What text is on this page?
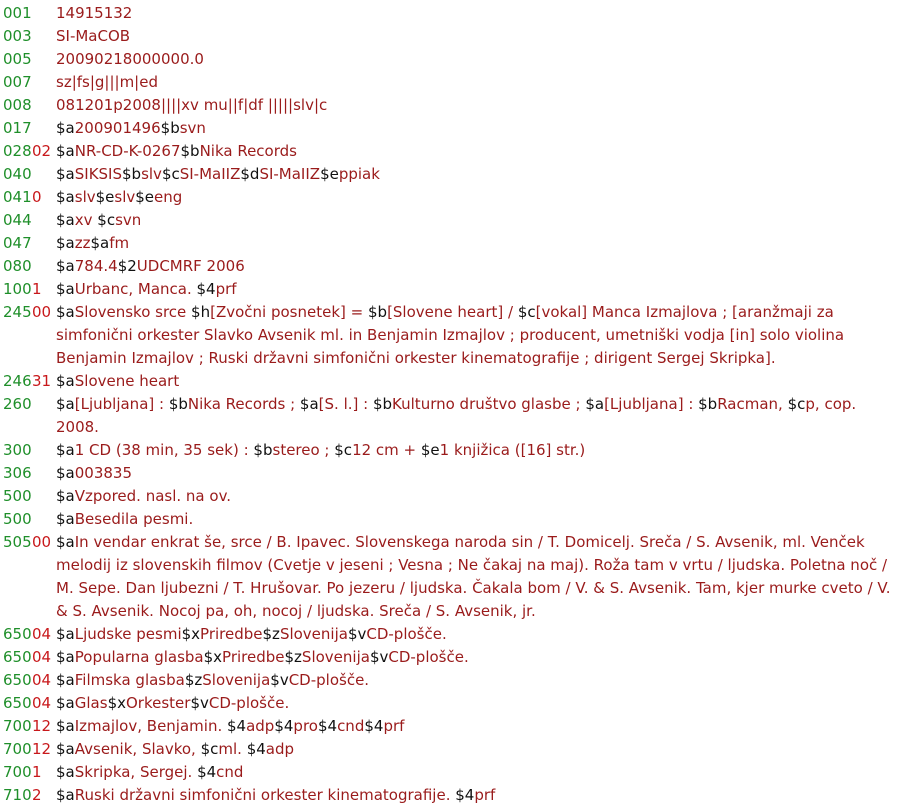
001 14915132
003 SI-MaCOB
005 20090218000000.0
007 sz|fs|g|||m|ed
008 081201p2008||||xv mu||f|df |||||slv|c
017 $a200901496$bsvn
028 02 $aNR-CD-K-0267$bNika Records
040 $aSIKSIS$bslv$cSI-MaIIZ$dSI-MaIIZ$eppiak
041 0 $aslv$eslv$eeng
044 $axv $csvn
047 $azz$afm
080 $a784.4$2UDCMRF 2006
100 1 $aUrbanc, Manca. $4prf
245 00 $aSlovensko srce $h[Zvočni posnetek] = $b[Slovene heart] / $c[vokal] Manca Izmajlova ; [aranžmaji za simfonični orkester Slavko Avsenik ml. in Benjamin Izmajlov ; producent, umetniški vodja [in] solo violina Benjamin Izmajlov ; Ruski državni simfonični orkester kinematografije ; dirigent Sergej Skripka].
246 31 $aSlovene heart
260 $a[Ljubljana] : $bNika Records ; $a[S. l.] : $bKulturno društvo glasbe ; $a[Ljubljana] : $bRacman, $cp, cop. 2008.
300 $a1 CD (38 min, 35 sek) : $bstereo ; $c12 cm + $e1 knjižica ([16] str.)
306 $a003835
500 $aVzpored. nasl. na ov.
500 $aBesedila pesmi.
505 00 $aIn vendar enkrat še, srce / B. Ipavec. Slovenskega naroda sin / T. Domicelj. Sreča / S. Avsenik, ml. Venček melodij iz slovenskih filmov (Cvetje v jeseni ; Vesna ; Ne čakaj na maj). Roža tam v vrtu / ljudska. Poletna noč / M. Sepe. Dan ljubezni / T. Hrušovar. Po jezeru / ljudska. Čakala bom / V. & S. Avsenik. Tam, kjer murke cveto / V. & S. Avsenik. Nocoj pa, oh, nocoj / ljudska. Sreča / S. Avsenik, jr.
650 04 $aLjudske pesmi$xPriredbe$zSlovenija$vCD-plošče.
650 04 $aPopularna glasba$xPriredbe$zSlovenija$vCD-plošče.
650 04 $aFilmska glasba$zSlovenija$vCD-plošče.
650 04 $aGlas$xOrkester$vCD-plošče.
700 12 $aIzmajlov, Benjamin. $4adp$4pro$4cnd$4prf
700 12 $aAvsenik, Slavko, $cml. $4adp
700 1 $aSkripka, Sergej. $4cnd
710 2 $aRuski državni simfonični orkester kinematografije. $4prf
